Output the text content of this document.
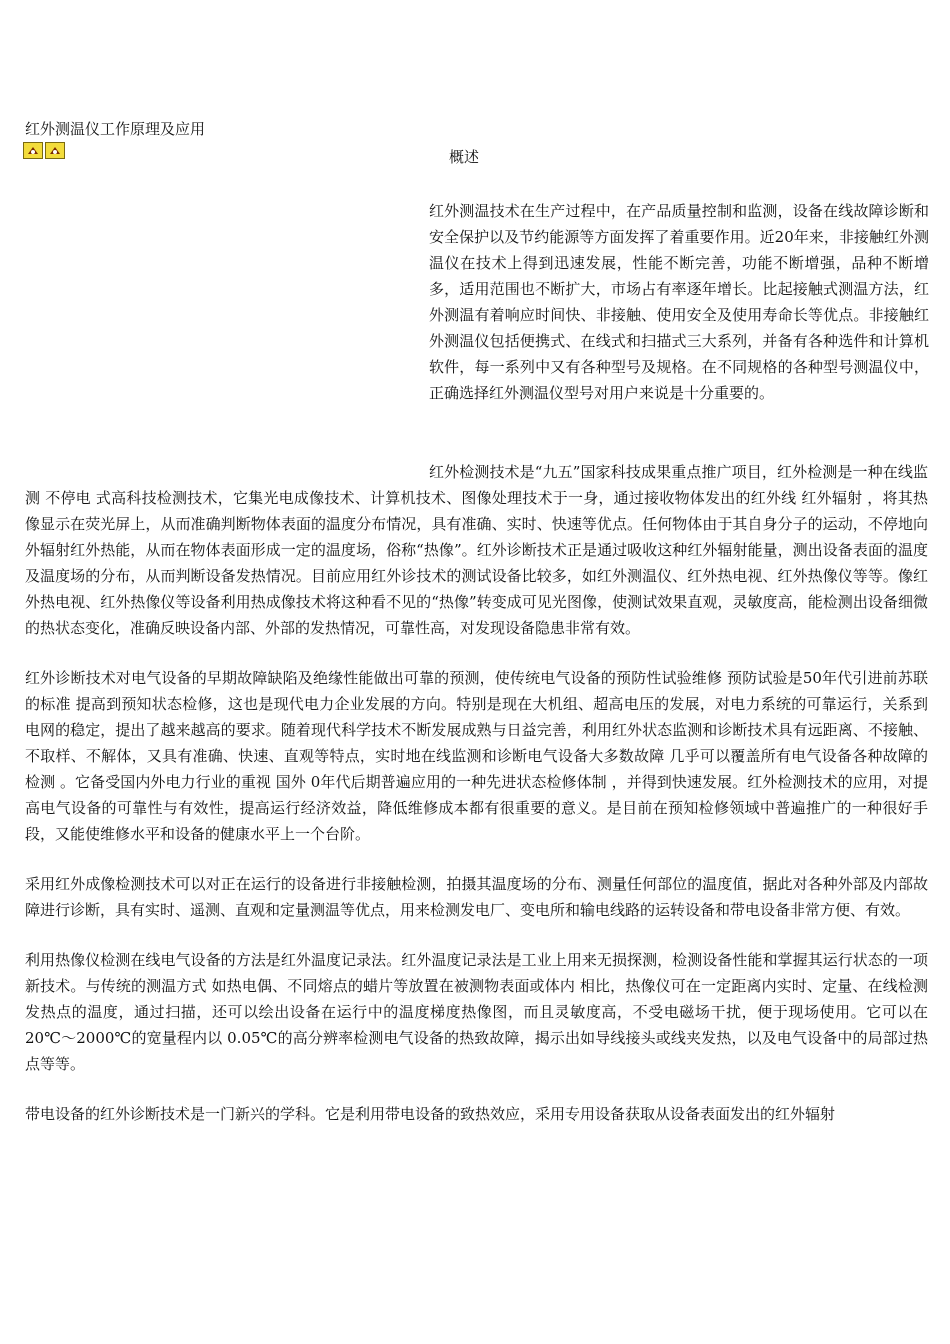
红外测温仪工作原理及应用
概述

红外测温技术在生产过程中，在产品质量控制和监测，设备在线故障诊断和安全保护以及节约能源等方面发挥了着重要作用。近20年来，非接触红外测温仪在技术上得到迅速发展，性能不断完善，功能不断增强，品种不断增多，适用范围也不断扩大，市场占有率逐年增长。比起接触式测温方法，红外测温有着响应时间快、非接触、使用安全及使用寿命长等优点。非接触红外测温仪包括便携式、在线式和扫描式三大系列，并备有各种选件和计算机软件，每一系列中又有各种型号及规格。在不同规格的各种型号测温仪中，正确选择红外测温仪型号对用户来说是十分重要的。

红外检测技术是“九五”国家科技成果重点推广项目，红外检测是一种在线监测 不停电 式高科技检测技术，它集光电成像技术、计算机技术、图像处理技术于一身，通过接收物体发出的红外线 红外辐射 ，将其热像显示在荧光屏上，从而准确判断物体表面的温度分布情况，具有准确、实时、快速等优点。任何物体由于其自身分子的运动，不停地向外辐射红外热能，从而在物体表面形成一定的温度场，俗称“热像”。红外诊断技术正是通过吸收这种红外辐射能量，测出设备表面的温度及温度场的分布，从而判断设备发热情况。目前应用红外诊技术的测试设备比较多，如红外测温仪、红外热电视、红外热像仪等等。像红外热电视、红外热像仪等设备利用热成像技术将这种看不见的“热像”转变成可见光图像，使测试效果直观，灵敏度高，能检测出设备细微的热状态变化，准确反映设备内部、外部的发热情况，可靠性高，对发现设备隐患非常有效。

红外诊断技术对电气设备的早期故障缺陷及绝缘性能做出可靠的预测，使传统电气设备的预防性试验维修 预防试验是50年代引进前苏联的标准 提高到预知状态检修，这也是现代电力企业发展的方向。特别是现在大机组、超高电压的发展，对电力系统的可靠运行，关系到电网的稳定，提出了越来越高的要求。随着现代科学技术不断发展成熟与日益完善，利用红外状态监测和诊断技术具有远距离、不接触、不取样、不解体，又具有准确、快速、直观等特点，实时地在线监测和诊断电气设备大多数故障 几乎可以覆盖所有电气设备各种故障的检测 。它备受国内外电力行业的重视 国外 0年代后期普遍应用的一种先进状态检修体制 ，并得到快速发展。红外检测技术的应用，对提高电气设备的可靠性与有效性，提高运行经济效益，降低维修成本都有很重要的意义。是目前在预知检修领域中普遍推广的一种很好手段，又能使维修水平和设备的健康水平上一个台阶。

采用红外成像检测技术可以对正在运行的设备进行非接触检测，拍摄其温度场的分布、测量任何部位的温度值，据此对各种外部及内部故障进行诊断，具有实时、遥测、直观和定量测温等优点，用来检测发电厂、变电所和输电线路的运转设备和带电设备非常方便、有效。

利用热像仪检测在线电气设备的方法是红外温度记录法。红外温度记录法是工业上用来无损探测，检测设备性能和掌握其运行状态的一项新技术。与传统的测温方式 如热电偶、不同熔点的蜡片等放置在被测物表面或体内 相比，热像仪可在一定距离内实时、定量、在线检测发热点的温度，通过扫描，还可以绘出设备在运行中的温度梯度热像图，而且灵敏度高，不受电磁场干扰，便于现场使用。它可以在 20℃～2000℃的宽量程内以 0.05℃的高分辨率检测电气设备的热致故障，揭示出如导线接头或线夹发热，以及电气设备中的局部过热点等等。

带电设备的红外诊断技术是一门新兴的学科。它是利用带电设备的致热效应，采用专用设备获取从设备表面发出的红外辐射
